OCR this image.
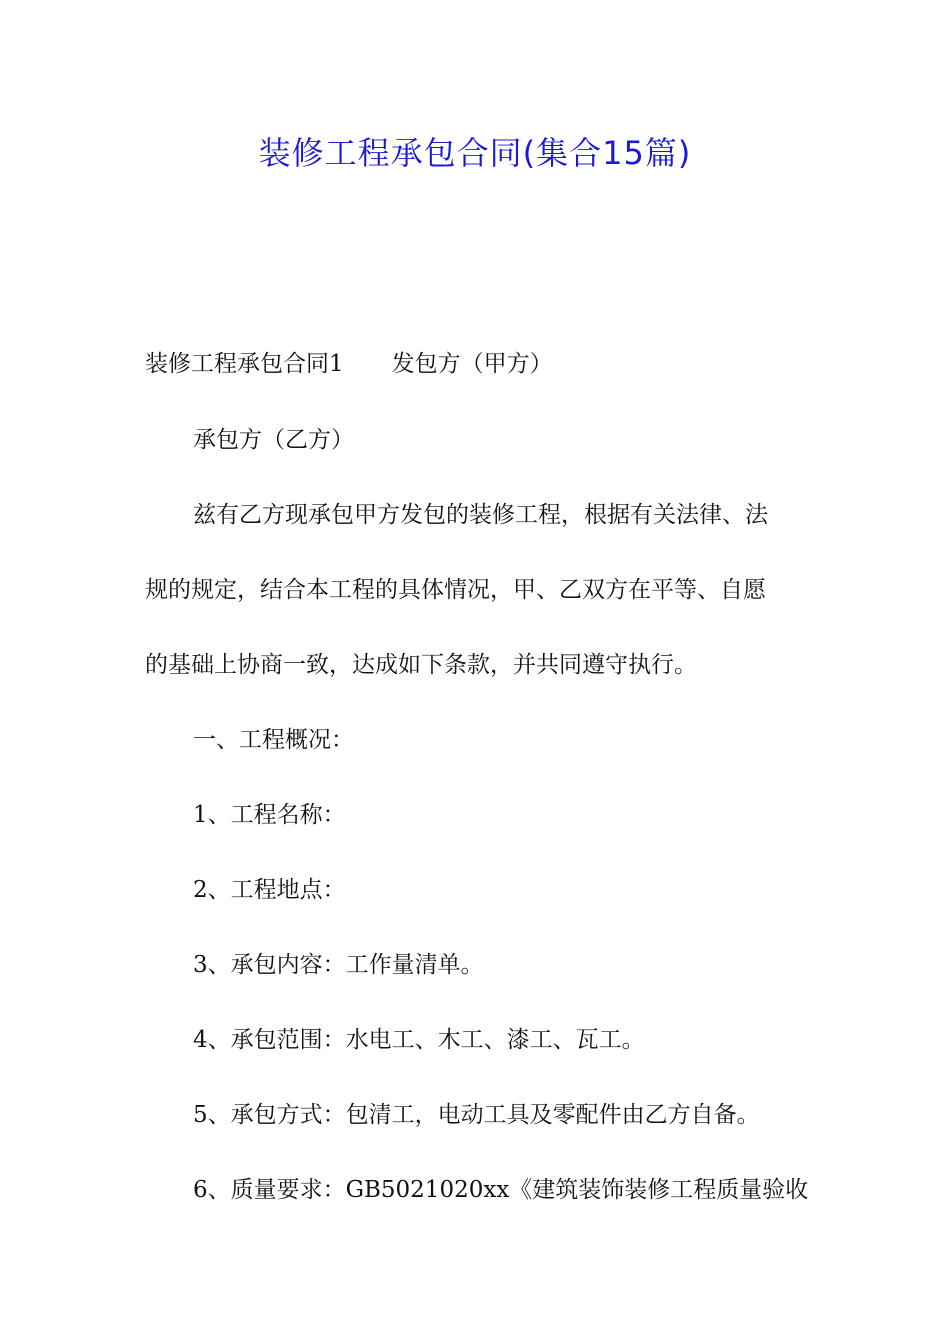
装修工程承包合同(集合15篇)
装修工程承包合同1 发包方（甲方）
承包方（乙方）
兹有乙方现承包甲方发包的装修工程，根据有关法律、法
规的规定，结合本工程的具体情况，甲、乙双方在平等、自愿
的基础上协商一致，达成如下条款，并共同遵守执行。
一、工程概况：
1、工程名称：
2、工程地点：
3、承包内容：工作量清单。
4、承包范围：水电工、木工、漆工、瓦工。
5、承包方式：包清工，电动工具及零配件由乙方自备。
6、质量要求：GB5021020xx《建筑装饰装修工程质量验收
